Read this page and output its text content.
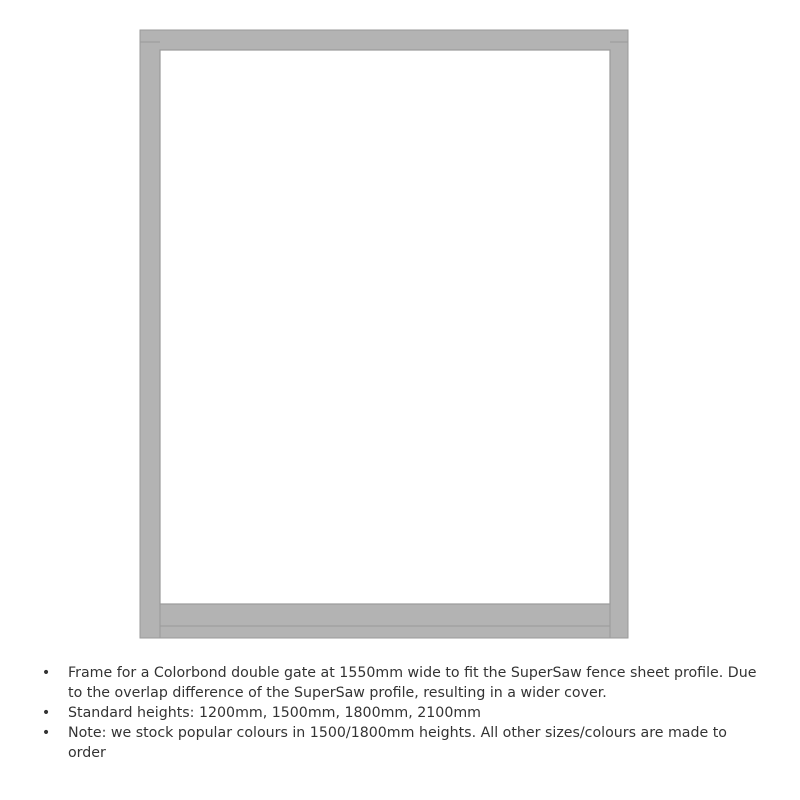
• Frame for a Colorbond double gate at 1550mm wide to fit the SuperSaw fence sheet profile. Due to the overlap difference of the SuperSaw profile, resulting in a wider cover.
• Standard heights: 1200mm, 1500mm, 1800mm, 2100mm
• Note: we stock popular colours in 1500/1800mm heights. All other sizes/colours are made to order
